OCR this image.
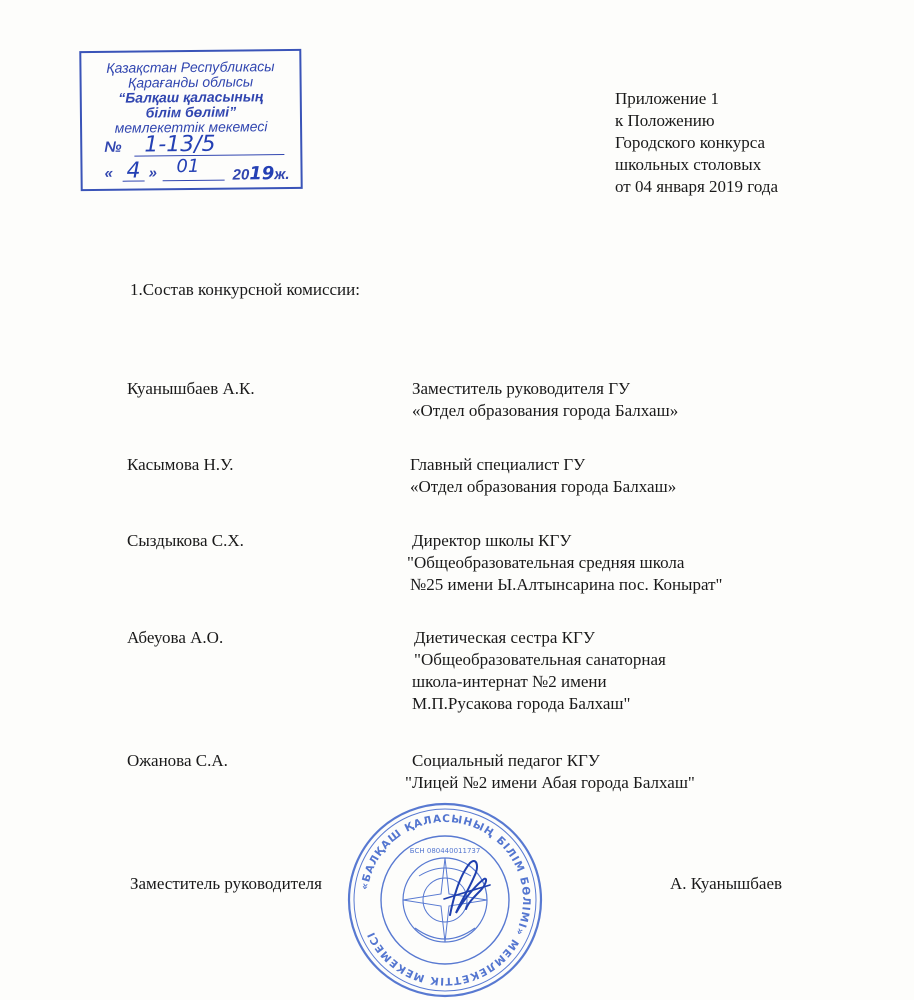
Қазақстан Республикасы
Қарағанды облысы
“Балқаш қаласының
білім бөлімі”
мемлекеттік мекемесі
№
« »	2019ж.
1-13/5
4 01
Приложение 1
к Положению
Городского конкурса
школьных столовых
от 04 января 2019 года
1.Состав конкурсной комиссии:
Куанышбаев А.К.	Заместитель руководителя ГУ
«Отдел образования города Балхаш»
Касымова Н.У.	Главный специалист ГУ
«Отдел образования города Балхаш»
Сыздыкова С.Х.	Директор школы КГУ
"Общеобразовательная средняя школа
№25 имени Ы.Алтынсарина пос. Конырат"
Абеуова А.О.	Диетическая сестра КГУ
"Общеобразовательная санаторная
школа-интернат №2 имени
М.П.Русакова города Балхаш"
Ожанова С.А.	Социальный педагог КГУ
"Лицей №2 имени Абая города Балхаш"
«БАЛҚАШ ҚАЛАСЫНЫҢ БІЛІМ БӨЛІМІ» МЕМЛЕКЕТТІК МЕКЕМЕСІ
БСН 080440011737
Заместитель руководителя	А. Куанышбаев
